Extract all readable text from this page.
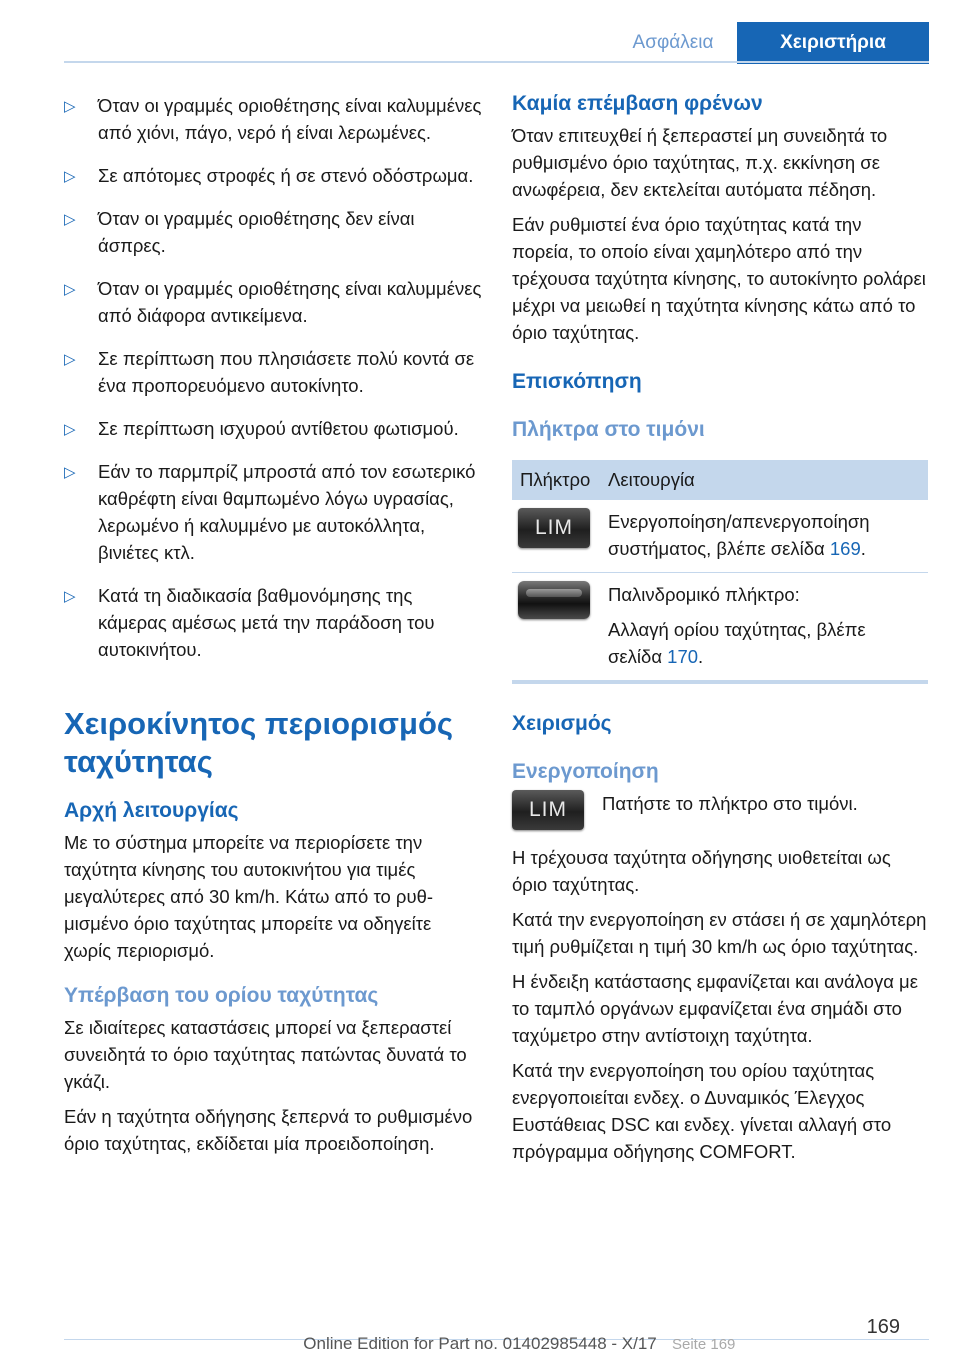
Ασφάλεια	Χειριστήρια
▷ Όταν οι γραμμές οριοθέτησης είναι καλυμμένες από χιόνι, πάγο, νερό ή είναι λερωμένες.
▷ Σε απότομες στροφές ή σε στενό οδόστρωμα.
▷ Όταν οι γραμμές οριοθέτησης δεν είναι άσπρες.
▷ Όταν οι γραμμές οριοθέτησης είναι καλυμμένες από διάφορα αντικείμενα.
▷ Σε περίπτωση που πλησιάσετε πολύ κοντά σε ένα προπορευόμενο αυτοκίνητο.
▷ Σε περίπτωση ισχυρού αντίθετου φωτισμού.
▷ Εάν το παρμπρίζ μπροστά από τον εσωτερικό καθρέφτη είναι θαμπωμένο λόγω υγρασίας, λερωμένο ή καλυμμένο με αυτοκόλλητα, βινιέτες κτλ.
▷ Κατά τη διαδικασία βαθμονόμησης της κάμερας αμέσως μετά την παράδοση του αυτοκινήτου.
Χειροκίνητος περιορισμός ταχύτητας
Αρχή λειτουργίας

Με το σύστημα μπορείτε να περιορίσετε την ταχύτητα κίνησης του αυτοκινήτου για τιμές μεγαλύτερες από 30 km/h. Κάτω από το ρυθμισμένο όριο ταχύτητας μπορείτε να οδηγείτε χωρίς περιορισμό.

Υπέρβαση του ορίου ταχύτητας

Σε ιδιαίτερες καταστάσεις μπορεί να ξεπεραστεί συνειδητά το όριο ταχύτητας πατώντας δυνατά το γκάζι.

Εάν η ταχύτητα οδήγησης ξεπερνά το ρυθμισμένο όριο ταχύτητας, εκδίδεται μία προειδοποίηση.

Καμία επέμβαση φρένων

Όταν επιτευχθεί ή ξεπεραστεί μη συνειδητά το ρυθμισμένο όριο ταχύτητας, π.χ. εκκίνηση σε ανωφέρεια, δεν εκτελείται αυτόματα πέδηση.

Εάν ρυθμιστεί ένα όριο ταχύτητας κατά την πορεία, το οποίο είναι χαμηλότερο από την τρέχουσα ταχύτητα κίνησης, το αυτοκίνητο ρολάρει μέχρι να μειωθεί η ταχύτητα κίνησης κάτω από το όριο ταχύτητας.

Επισκόπηση
Πλήκτρα στο τιμόνι
Πλήκτρο	Λειτουργία

LIM	Ενεργοποίηση/απενεργοποίηση συστήματος, βλέπε σελίδα 169.

	Παλινδρομικό πλήκτρο:
Αλλαγή ορίου ταχύτητας, βλέπε σελίδα 170.
Χειρισμός
Ενεργοποίηση
LIM	Πατήστε το πλήκτρο στο τιμόνι.

Η τρέχουσα ταχύτητα οδήγησης υιοθετείται ως όριο ταχύτητας.

Κατά την ενεργοποίηση εν στάσει ή σε χαμηλότερη τιμή ρυθμίζεται η τιμή 30 km/h ως όριο ταχύτητας.

Η ένδειξη κατάστασης εμφανίζεται και ανάλογα με το ταμπλό οργάνων εμφανίζεται ένα σημάδι στο ταχύμετρο στην αντίστοιχη ταχύτητα.

Κατά την ενεργοποίηση του ορίου ταχύτητας ενεργοποιείται ενδεχ. ο Δυναμικός Έλεγχος Ευστάθειας DSC και ενδεχ. γίνεται αλλαγή στο πρόγραμμα οδήγησης COMFORT.

169
Online Edition for Part no. 01402985448 - X/17 Seite 169
